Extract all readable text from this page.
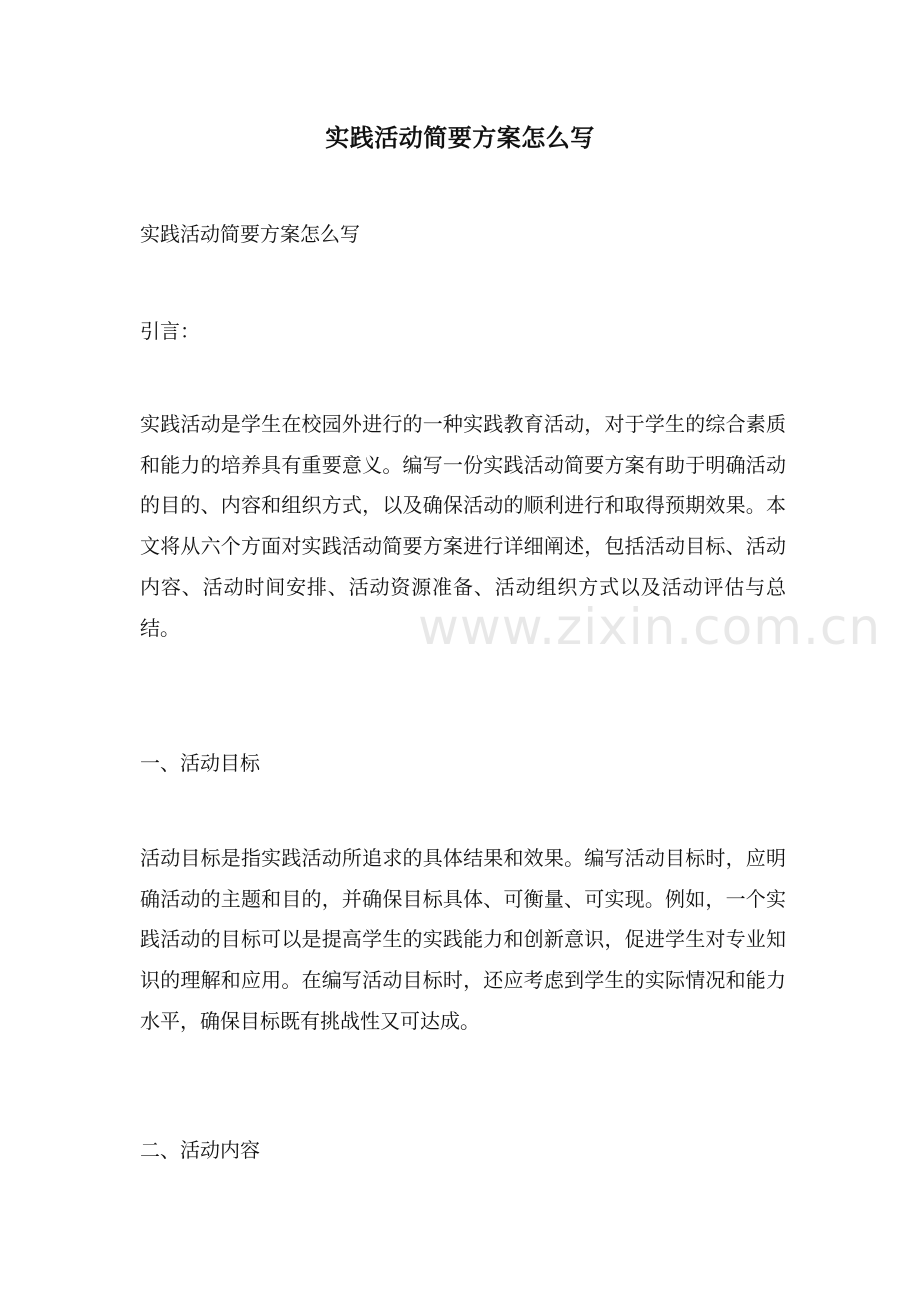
实践活动简要方案怎么写

实践活动简要方案怎么写

引言：

实践活动是学生在校园外进行的一种实践教育活动，对于学生的综合素质和能力的培养具有重要意义。编写一份实践活动简要方案有助于明确活动的目的、内容和组织方式，以及确保活动的顺利进行和取得预期效果。本文将从六个方面对实践活动简要方案进行详细阐述，包括活动目标、活动内容、活动时间安排、活动资源准备、活动组织方式以及活动评估与总结。

一、活动目标

活动目标是指实践活动所追求的具体结果和效果。编写活动目标时，应明确活动的主题和目的，并确保目标具体、可衡量、可实现。例如，一个实践活动的目标可以是提高学生的实践能力和创新意识，促进学生对专业知识的理解和应用。在编写活动目标时，还应考虑到学生的实际情况和能力水平，确保目标既有挑战性又可达成。

二、活动内容

www.zixin.com.cn
